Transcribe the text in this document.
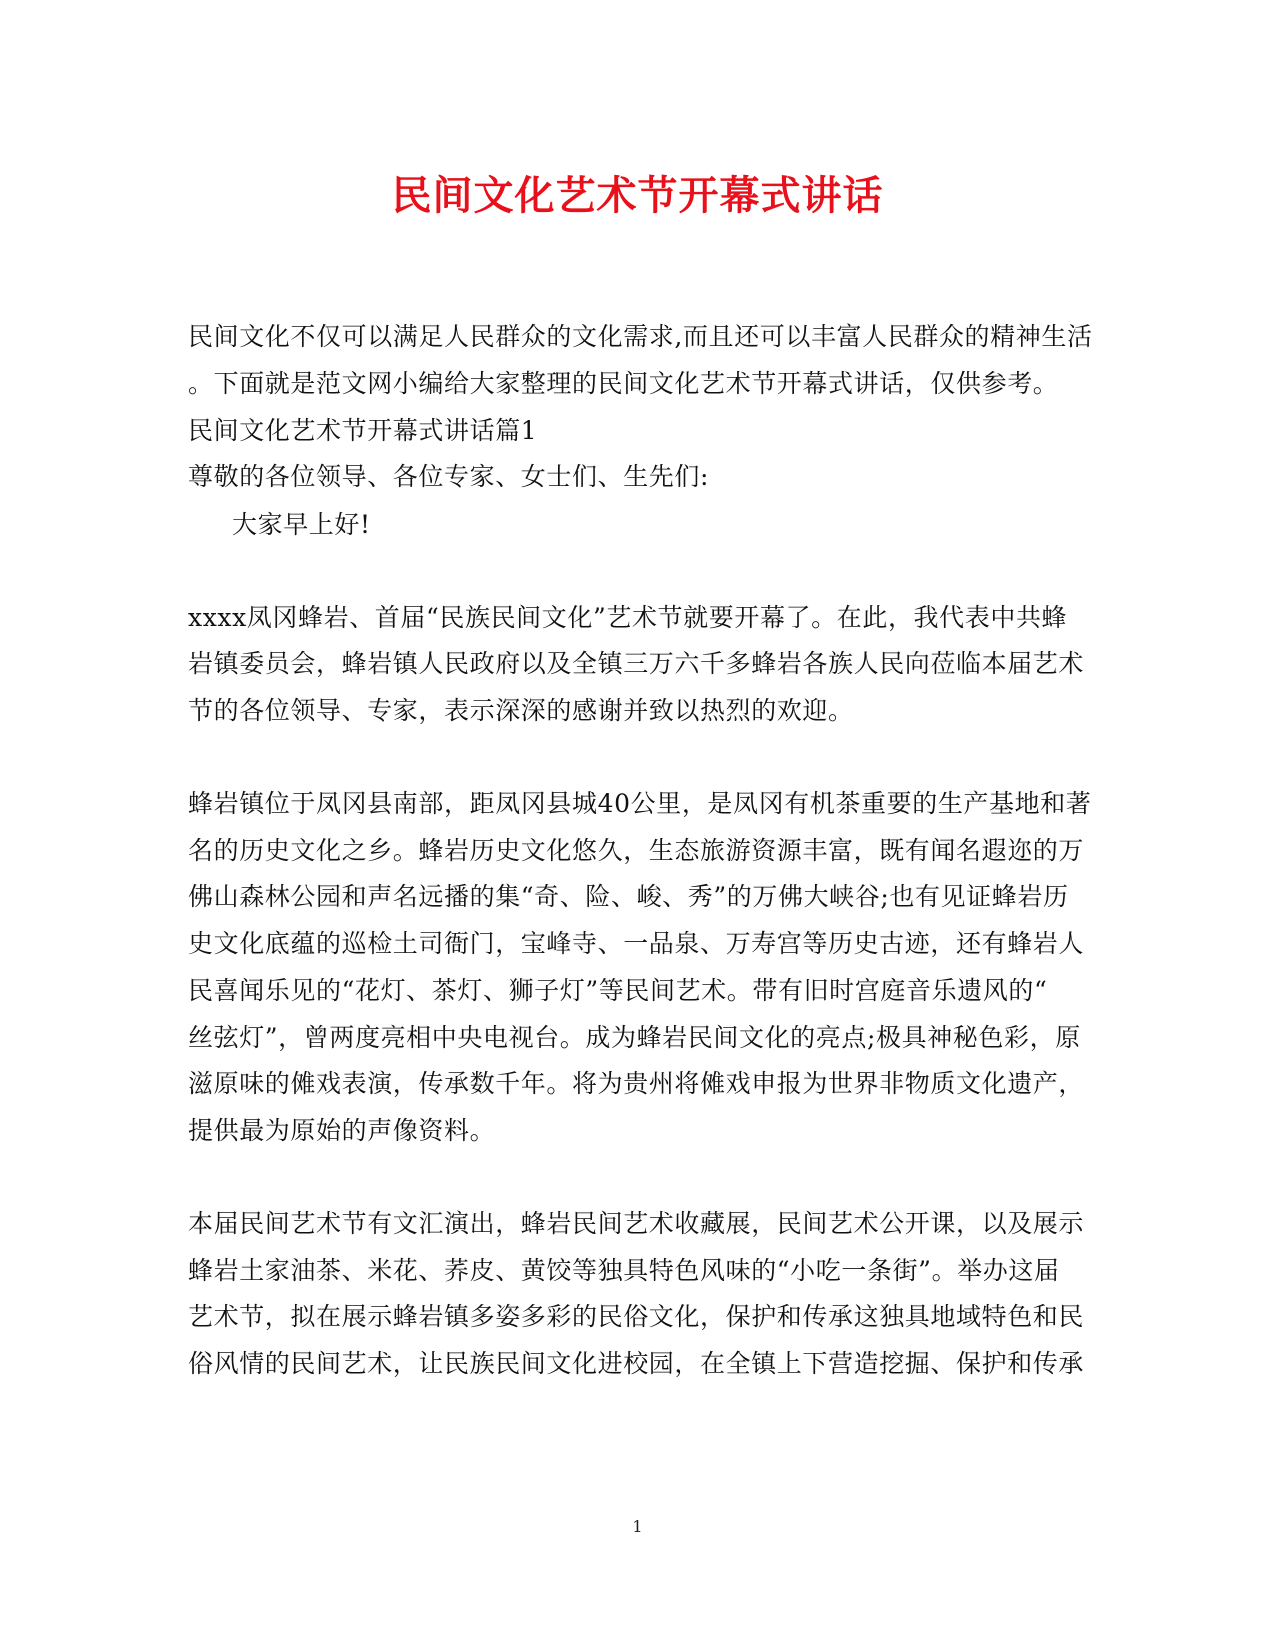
民间文化艺术节开幕式讲话
民间文化不仅可以满足人民群众的文化需求,而且还可以丰富人民群众的精神生活
。下面就是范文网小编给大家整理的民间文化艺术节开幕式讲话，仅供参考。
民间文化艺术节开幕式讲话篇1
尊敬的各位领导、各位专家、女士们、生先们:
大家早上好!
xxxx凤冈蜂岩、首届“民族民间文化”艺术节就要开幕了。在此，我代表中共蜂
岩镇委员会，蜂岩镇人民政府以及全镇三万六千多蜂岩各族人民向莅临本届艺术
节的各位领导、专家，表示深深的感谢并致以热烈的欢迎。
蜂岩镇位于凤冈县南部，距凤冈县城40公里，是凤冈有机茶重要的生产基地和著
名的历史文化之乡。蜂岩历史文化悠久，生态旅游资源丰富，既有闻名遐迩的万
佛山森林公园和声名远播的集“奇、险、峻、秀”的万佛大峡谷;也有见证蜂岩历
史文化底蕴的巡检土司衙门，宝峰寺、一品泉、万寿宫等历史古迹，还有蜂岩人
民喜闻乐见的“花灯、茶灯、狮子灯”等民间艺术。带有旧时宫庭音乐遗风的“
丝弦灯”，曾两度亮相中央电视台。成为蜂岩民间文化的亮点;极具神秘色彩，原
滋原味的傩戏表演，传承数千年。将为贵州将傩戏申报为世界非物质文化遗产，
提供最为原始的声像资料。
本届民间艺术节有文汇演出，蜂岩民间艺术收藏展，民间艺术公开课，以及展示
蜂岩土家油茶、米花、荞皮、黄饺等独具特色风味的“小吃一条街”。举办这届
艺术节，拟在展示蜂岩镇多姿多彩的民俗文化，保护和传承这独具地域特色和民
俗风情的民间艺术，让民族民间文化进校园，在全镇上下营造挖掘、保护和传承
1
